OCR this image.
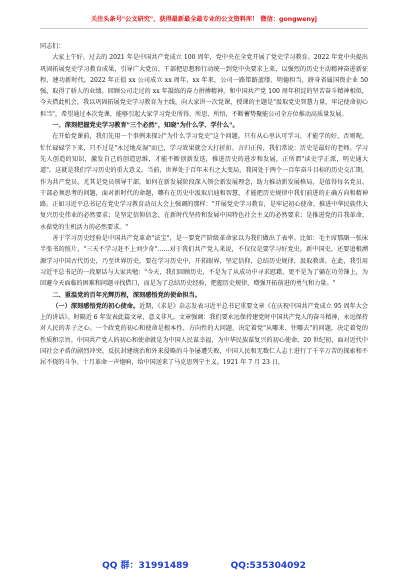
关注头条号"公文研究"，获得最新最全最专业的公文资料库！ 微信：gongwenyj

同志们：

大家上午好。过去的 2021 年是中国共产党成立 100 周年，党中央在全党开展了党史学习教育。2022 年党中央提出巩固拓展党史学习教育成果，引导广大党员、干部把思想和行动统一到党中央要求上来，以强烈的历史主动精神奋进新征程、建功新时代。2022 年正值 xx 公司成立 xx 周年，xx 年来，公司一路筚路蓝缕、明德担当，跻身省属国资企业 50 强，取得了骄人的业绩。回顾公司走过的 xx 年凝练的奋力拼搏精神，和中国共产党 100 周年积淀的坚苦奋斗精神相似，今天借此机会，我以巩固拓展党史学习教育为主线，向大家讲一次党课，授课的主题是"汲取党史智慧力量，牢记使命初心担当"，希望通过本次党课，能够引起大家学习党史所得、所思、所悟，不断蓄势聚能公司全方位推动高质量发展。

一、深刻把握党史学习教育"三个必然"，知晓"为什么学、学什么"。

在开始党课前，我们先用一个事例来探讨"为什么学习党史"这个问题。只有从心里认可学习，才能学的好，否则呢，忙忙碌碌学下来，只不过是"永过地皮湿"而已，学习效果就会大打折扣。言归正传，我们常说：历史是最好的老师。学习先人创造的知识，激发自己的创造思维，才能不断创新发迭，推进历史的进步和发展，正所谓"读史学正派，明史通大道"。这就是我们学习历史的重大意义。当前，世界处于百年未有之大变局，我国处于两个一百年奋斗目标的历史交汇期，作为共产党员，尤其是党员领导干部，如何在新发展阶段深入领会新发展理念，助力推动新发展格局，是值得每名党员、干部必须思考的问题，面对新时代的命题，哪有在历史中汲取启迪和智慧，才能把历史规律中我们前进的正确方向和精神路。正如习近平总书记在党史学习教育动员大会上强调的那样："开展党史学习教育，是牢记初心使命、推进中华民族伟大复兴历史伟业的必然要求；是坚定信仰信念、在新时代坚持和发展中国特色社会主义的必然要求；是推进党的自我革命、永葆党的生机活力的必然要求。"

善于学习历史经验是中国共产党革命"法宝"，是一要党产阶级革命家以为我们做出了表率。比如：毛主席那副一张床半张书的照片，"三天不学习赶不上刘少奇"……对于我们共产党人来说，不仅仅是要学习好党史，新中国史，还要追根溯源学习中国古代历史，乃至世界历史，要在学习历史中，开拓眼界，坚定信仰，总结历史规律，汲取教训。在此，我引用习近平总书记的一段原话与大家共勉："今天，我们回顾历史，不是为了从成功中寻求慰藉，更不是为了躺在功劳簿上，为回避今天面临的困难和问题寻找借口，而是为了总结历史经验，把握历史规律，增强开拓前进的勇气和力量。"

二、重温党的百年光辉历程，深刻感悟党的使命担当。

（一）深刻感悟党的初心使命。近期，《求是》杂志发表习近平总书记重要文章《在庆祝中国共产党成立 95 周年大会上的讲话》。时隔近 6 年发表此篇文章，意义非凡。文章强调：我们要永远保持建党时中国共产党人的奋斗精神，永远保持对人民的赤子之心。一个政党的初心和使命是根本性、方向性的大问题，决定着党"从哪来、往哪去"的问题，决定着党的性质和宗旨。中国共产党人的初心和使命就是为中国人民谋幸福，为中华民族谋复兴的初心使命。20 世纪初，面对近代中国社会矛盾的剧烈冲突、反抗封建统治和外来侵略的斗争屡遭失败，中国人民和无数仁人志士进行了千辛万苦的探索和不屈不挠的斗争。十月革命一声炮响，给中国送来了马克思列宁主义。1921 年 7 月 23 日，

QQ 群：31991489	QQ:535304092
